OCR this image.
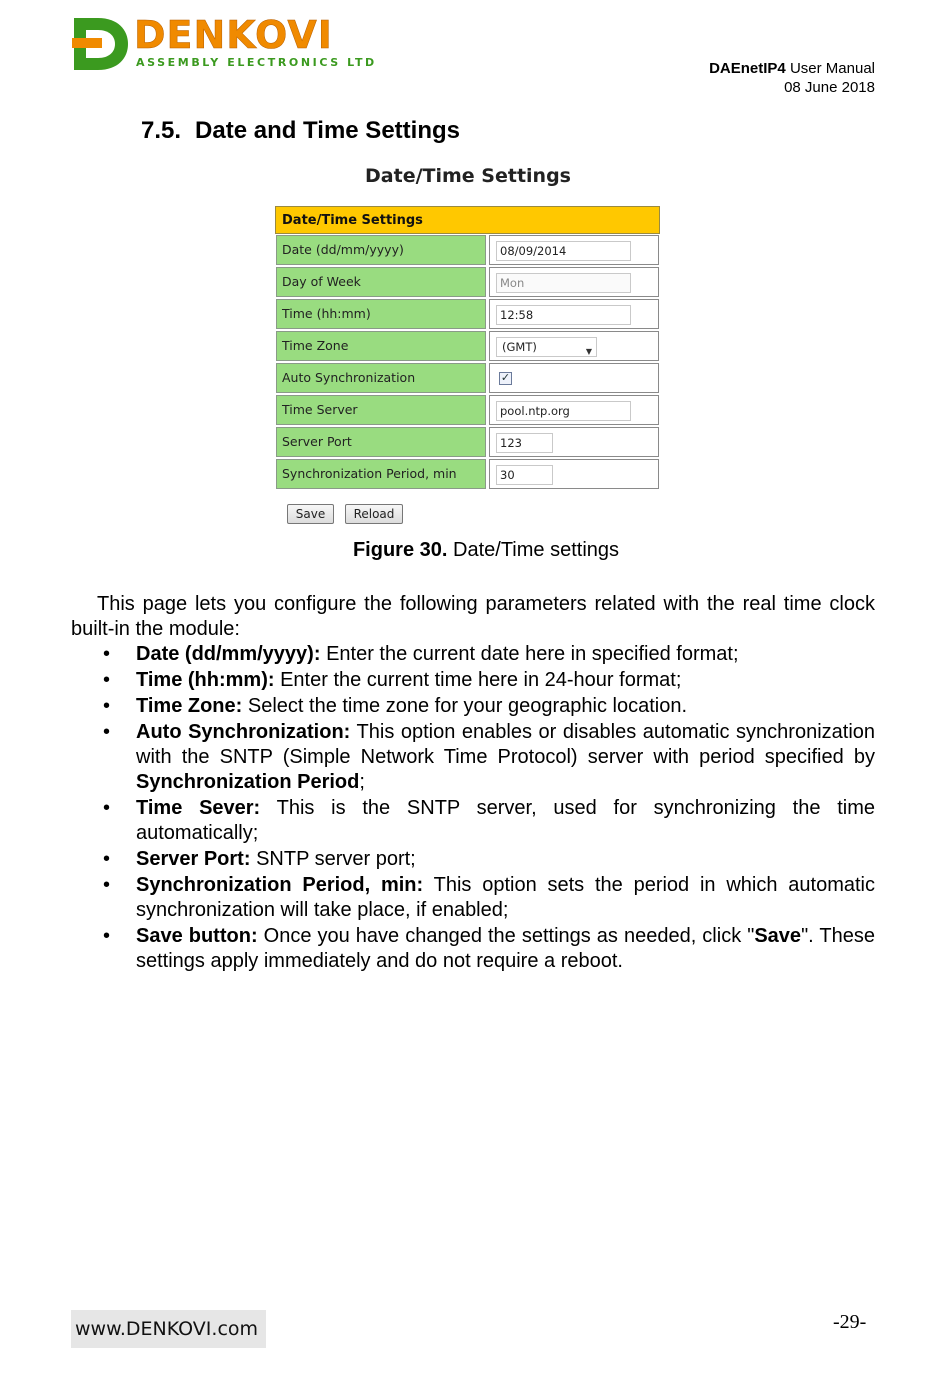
DENKOVI
ASSEMBLY ELECTRONICS LTD	DAEnetIP4 User Manual
08 June 2018
7.5. Date and Time Settings
Date/Time Settings
Date/Time Settings
Date (dd/mm/yyyy)	08/09/2014
Day of Week	Mon
Time (hh:mm)	12:58
Time Zone	(GMT)	▼
Auto Synchronization	✓
Time Server	pool.ntp.org
Server Port	123
Synchronization Period, min	30
Save	Reload
Figure 30. Date/Time settings
This page lets you configure the following parameters related with the real time clock built-in the module:
• Date (dd/mm/yyyy): Enter the current date here in specified format;
• Time (hh:mm): Enter the current time here in 24-hour format;
• Time Zone: Select the time zone for your geographic location.
• Auto Synchronization: This option enables or disables automatic synchronization with the SNTP (Simple Network Time Protocol) server with period specified by Synchronization Period;
• Time Sever: This is the SNTP server, used for synchronizing the time automatically;
• Server Port: SNTP server port;
• Synchronization Period, min: This option sets the period in which automatic synchronization will take place, if enabled;
• Save button: Once you have changed the settings as needed, click "Save". These settings apply immediately and do not require a reboot.
www.DENKOVI.com	-29-
